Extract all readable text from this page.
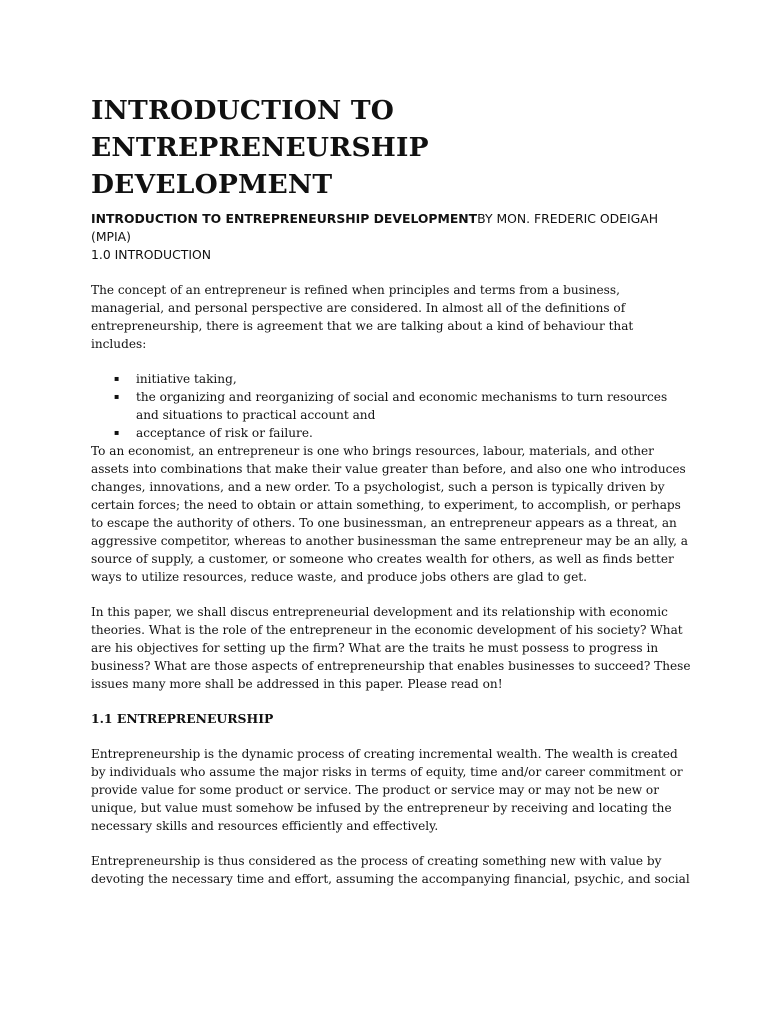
INTRODUCTION TO
ENTREPRENEURSHIP
DEVELOPMENT

INTRODUCTION TO ENTREPRENEURSHIP DEVELOPMENTBY MON. FREDERIC ODEIGAH (MPIA)

1.0 INTRODUCTION

The concept of an entrepreneur is refined when principles and terms from a business, managerial, and personal perspective are considered. In almost all of the definitions of entrepreneurship, there is agreement that we are talking about a kind of behaviour that includes:

▪ initiative taking,
▪ the organizing and reorganizing of social and economic mechanisms to turn resources and situations to practical account and
▪ acceptance of risk or failure.

To an economist, an entrepreneur is one who brings resources, labour, materials, and other assets into combinations that make their value greater than before, and also one who introduces changes, innovations, and a new order. To a psychologist, such a person is typically driven by certain forces; the need to obtain or attain something, to experiment, to accomplish, or perhaps to escape the authority of others. To one businessman, an entrepreneur appears as a threat, an aggressive competitor, whereas to another businessman the same entrepreneur may be an ally, a source of supply, a customer, or someone who creates wealth for others, as well as finds better ways to utilize resources, reduce waste, and produce jobs others are glad to get.

In this paper, we shall discus entrepreneurial development and its relationship with economic theories. What is the role of the entrepreneur in the economic development of his society? What are his objectives for setting up the firm? What are the traits he must possess to progress in business? What are those aspects of entrepreneurship that enables businesses to succeed? These issues many more shall be addressed in this paper. Please read on!

1.1 ENTREPRENEURSHIP

Entrepreneurship is the dynamic process of creating incremental wealth. The wealth is created by individuals who assume the major risks in terms of equity, time and/or career commitment or provide value for some product or service. The product or service may or may not be new or unique, but value must somehow be infused by the entrepreneur by receiving and locating the necessary skills and resources efficiently and effectively.

Entrepreneurship is thus considered as the process of creating something new with value by devoting the necessary time and effort, assuming the accompanying financial, psychic, and social
